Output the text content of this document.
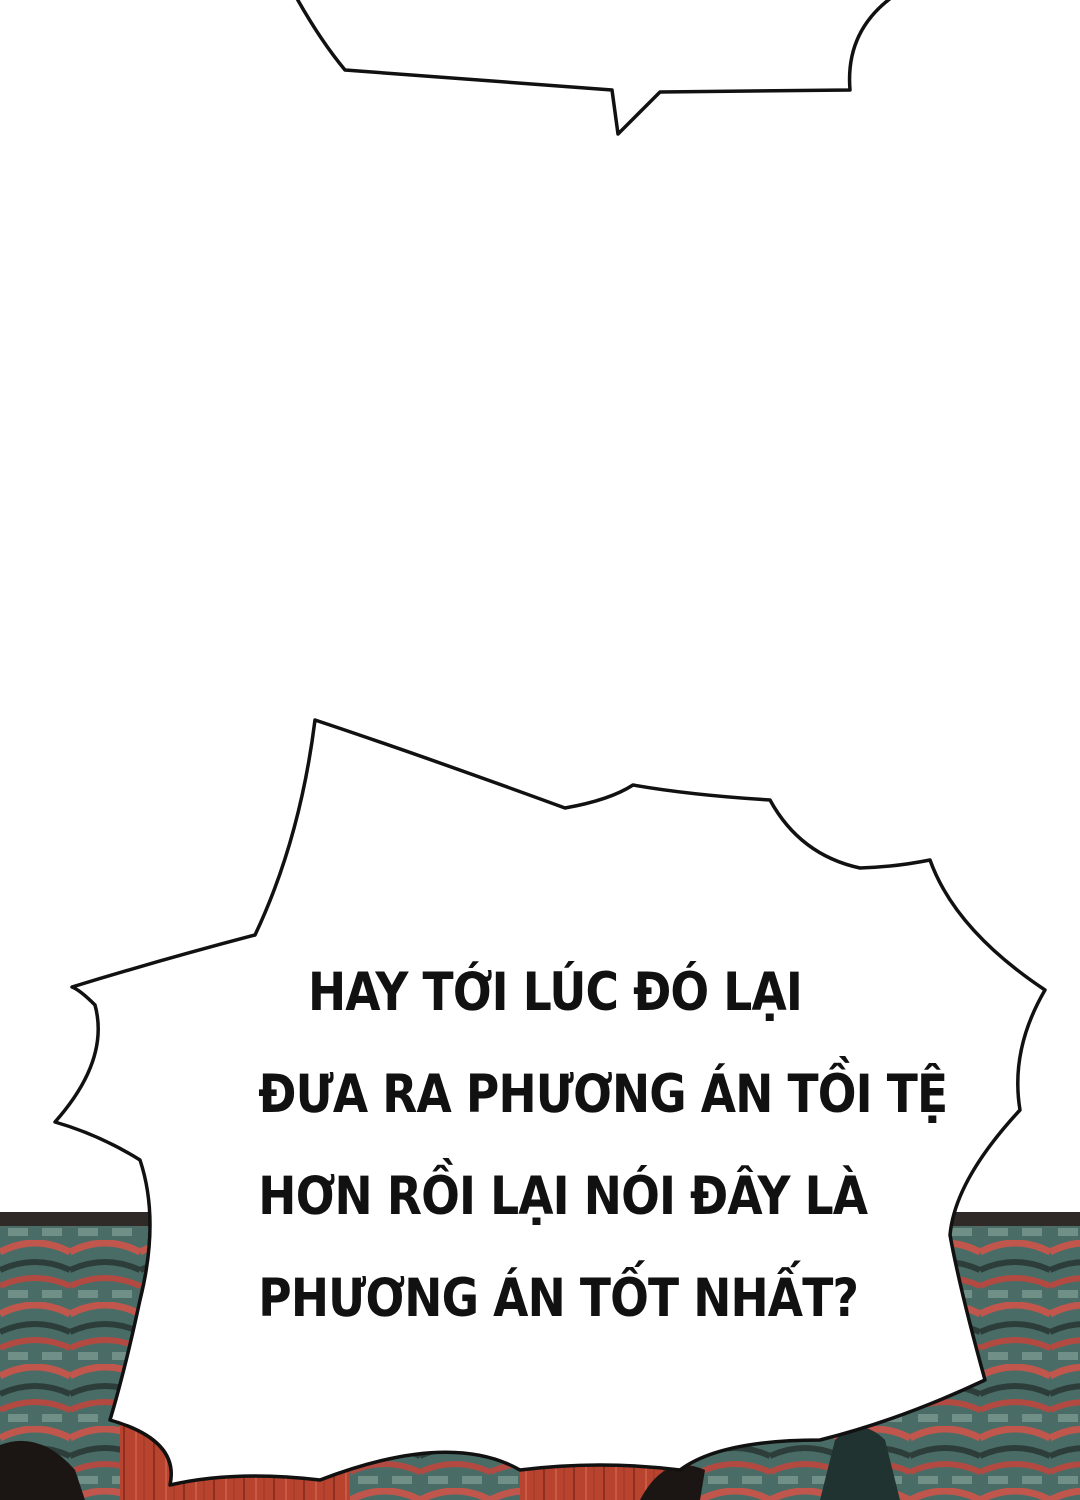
HAY TỚI LÚC ĐÓ LẠI
ĐƯA RA PHƯƠNG ÁN TỒI TỆ
HƠN RỒI LẠI NÓI ĐÂY LÀ
PHƯƠNG ÁN TỐT NHẤT?
